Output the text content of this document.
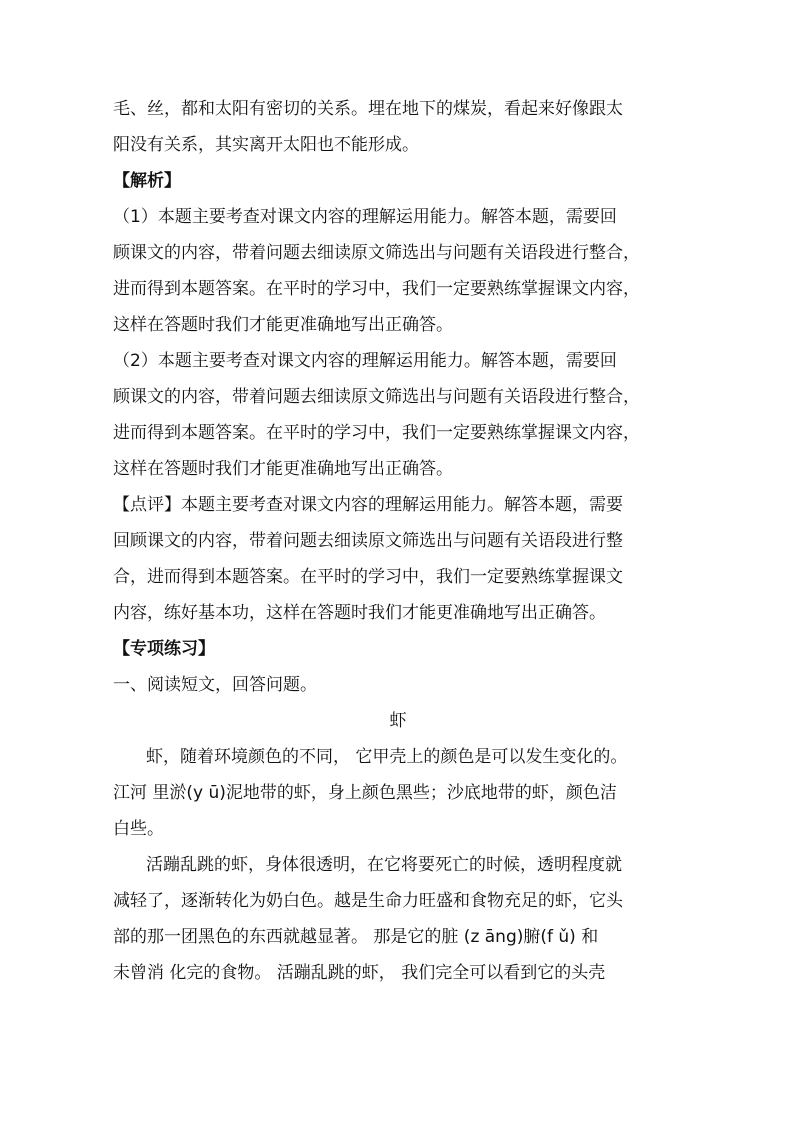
毛、丝，都和太阳有密切的关系。埋在地下的煤炭，看起来好像跟太
阳没有关系，其实离开太阳也不能形成。
【解析】
（1）本题主要考查对课文内容的理解运用能力。解答本题，需要回
顾课文的内容，带着问题去细读原文筛选出与问题有关语段进行整合，
进而得到本题答案。在平时的学习中，我们一定要熟练掌握课文内容，
这样在答题时我们才能更准确地写出正确答。
（2）本题主要考查对课文内容的理解运用能力。解答本题，需要回
顾课文的内容，带着问题去细读原文筛选出与问题有关语段进行整合，
进而得到本题答案。在平时的学习中，我们一定要熟练掌握课文内容，
这样在答题时我们才能更准确地写出正确答。
【点评】本题主要考查对课文内容的理解运用能力。解答本题，需要
回顾课文的内容，带着问题去细读原文筛选出与问题有关语段进行整
合，进而得到本题答案。在平时的学习中，我们一定要熟练掌握课文
内容，练好基本功，这样在答题时我们才能更准确地写出正确答。
【专项练习】
一、阅读短文，回答问题。
虾
虾，随着环境颜色的不同， 它甲壳上的颜色是可以发生变化的。
江河 里淤(y ū)泥地带的虾，身上颜色黑些；沙底地带的虾，颜色洁
白些。
活蹦乱跳的虾，身体很透明，在它将要死亡的时候，透明程度就
减轻了，逐渐转化为奶白色。越是生命力旺盛和食物充足的虾，它头
部的那一团黑色的东西就越显著。 那是它的脏 (z āng)腑(f ǔ) 和
未曾消 化完的食物。 活蹦乱跳的虾， 我们完全可以看到它的头壳
